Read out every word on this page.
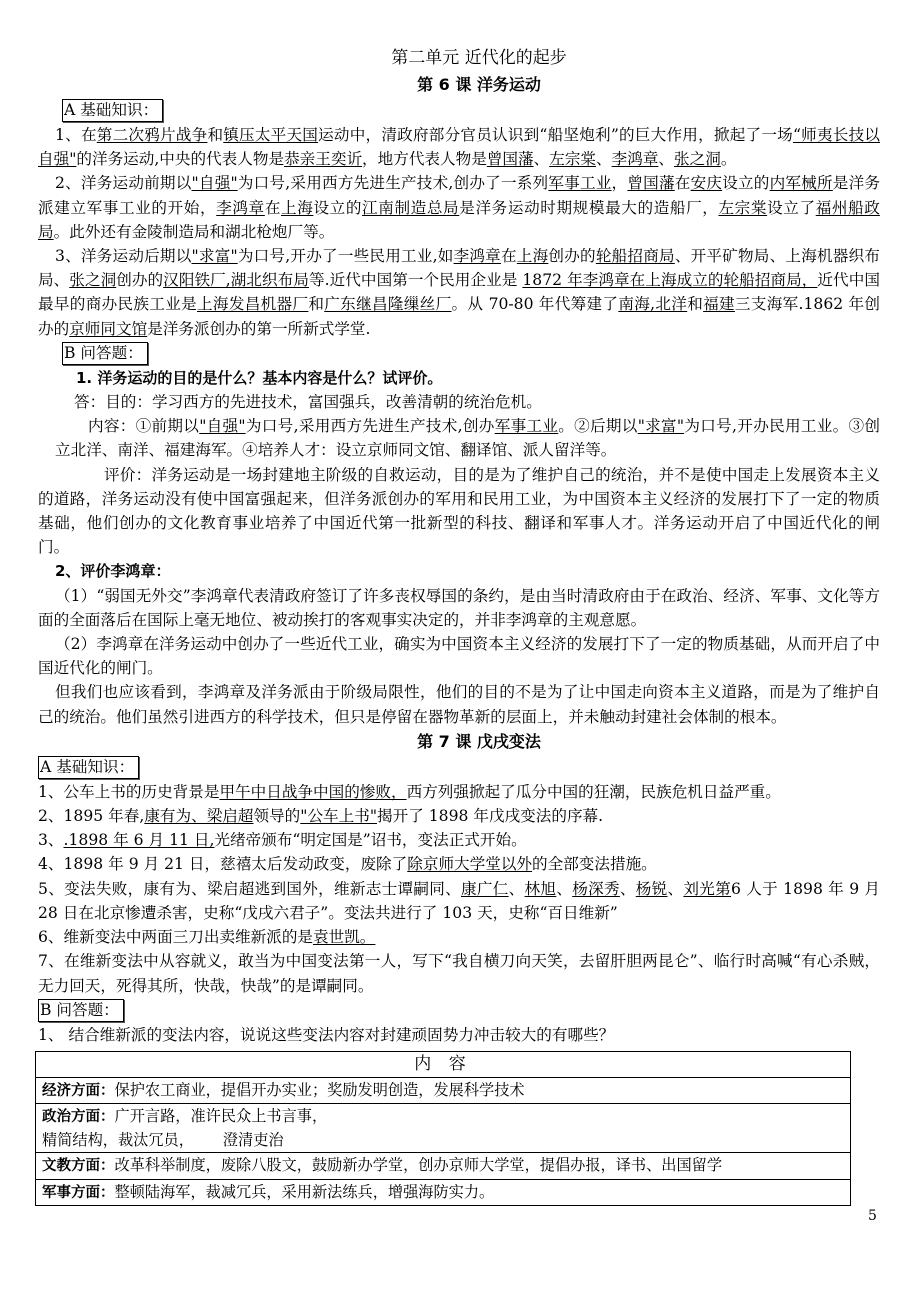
第二单元 近代化的起步
第 6 课 洋务运动
A 基础知识：
1、在第二次鸦片战争和镇压太平天国运动中，清政府部分官员认识到“船坚炮利”的巨大作用，掀起了一场“师夷长技以自强"的洋务运动,中央的代表人物是恭亲王奕䜣，地方代表人物是曾国藩、左宗棠、李鸿章、张之洞。
2、洋务运动前期以"自强"为口号,采用西方先进生产技术,创办了一系列军事工业，曾国藩在安庆设立的内军械所是洋务派建立军事工业的开始，李鸿章在上海设立的江南制造总局是洋务运动时期规模最大的造船厂，左宗棠设立了福州船政局。此外还有金陵制造局和湖北枪炮厂等。
3、洋务运动后期以"求富"为口号,开办了一些民用工业,如李鸿章在上海创办的轮船招商局、开平矿物局、上海机器织布局、张之洞创办的汉阳铁厂,湖北织布局等.近代中国第一个民用企业是 1872 年李鸿章在上海成立的轮船招商局，近代中国最早的商办民族工业是上海发昌机器厂和广东继昌隆缫丝厂。从 70-80 年代筹建了南海,北洋和福建三支海军.1862 年创办的京师同文馆是洋务派创办的第一所新式学堂.
B 问答题：
1. 洋务运动的目的是什么？基本内容是什么？试评价。
答：目的：学习西方的先进技术，富国强兵，改善清朝的统治危机。
内容：①前期以"自强"为口号,采用西方先进生产技术,创办军事工业。②后期以"求富"为口号,开办民用工业。③创立北洋、南洋、福建海军。④培养人才：设立京师同文馆、翻译馆、派人留洋等。
评价：洋务运动是一场封建地主阶级的自救运动，目的是为了维护自己的统治，并不是使中国走上发展资本主义的道路，洋务运动没有使中国富强起来，但洋务派创办的军用和民用工业，为中国资本主义经济的发展打下了一定的物质基础，他们创办的文化教育事业培养了中国近代第一批新型的科技、翻译和军事人才。洋务运动开启了中国近代化的闸门。
2、评价李鸿章：
（1）“弱国无外交”李鸿章代表清政府签订了许多丧权辱国的条约，是由当时清政府由于在政治、经济、军事、文化等方面的全面落后在国际上毫无地位、被动挨打的客观事实决定的，并非李鸿章的主观意愿。
（2）李鸿章在洋务运动中创办了一些近代工业，确实为中国资本主义经济的发展打下了一定的物质基础，从而开启了中国近代化的闸门。
但我们也应该看到，李鸿章及洋务派由于阶级局限性，他们的目的不是为了让中国走向资本主义道路，而是为了维护自己的统治。他们虽然引进西方的科学技术，但只是停留在器物革新的层面上，并未触动封建社会体制的根本。
第 7 课 戊戌变法
A 基础知识：
1、公车上书的历史背景是甲午中日战争中国的惨败，西方列强掀起了瓜分中国的狂潮，民族危机日益严重。
2、1895 年春,康有为、梁启超领导的"公车上书"揭开了 1898 年戊戌变法的序幕.
3、.1898 年 6 月 11 日,光绪帝颁布“明定国是”诏书，变法正式开始。
4、1898 年 9 月 21 日，慈禧太后发动政变，废除了除京师大学堂以外的全部变法措施。
5、变法失败，康有为、梁启超逃到国外，维新志士谭嗣同、康广仁、林旭、杨深秀、杨锐、刘光第6 人于 1898 年 9 月 28 日在北京惨遭杀害，史称“戊戌六君子”。变法共进行了 103 天，史称“百日维新”
6、维新变法中两面三刀出卖维新派的是袁世凯。
7、在维新变法中从容就义，敢当为中国变法第一人，写下“我自横刀向天笑，去留肝胆两昆仑”、临行时高喊“有心杀贼，无力回天，死得其所，快哉，快哉”的是谭嗣同。
B 问答题：
1、 结合维新派的变法内容，说说这些变法内容对封建顽固势力冲击较大的有哪些？
内 容
经济方面：保护农工商业，提倡开办实业；奖励发明创造，发展科学技术
政治方面：广开言路，准许民众上书言事，
精简结构，裁汰冗员，      澄清吏治
文教方面：改革科举制度，废除八股文，鼓励新办学堂，创办京师大学堂，提倡办报，译书、出国留学
军事方面：整顿陆海军，裁减冗兵，采用新法练兵，增强海防实力。
5
